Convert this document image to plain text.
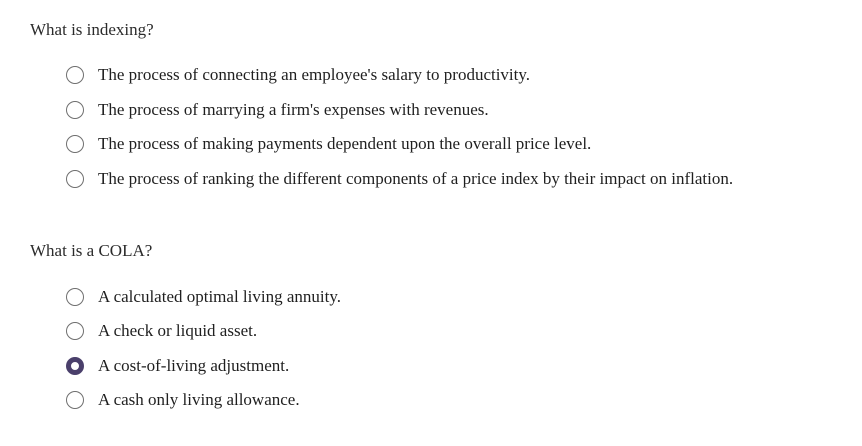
What is indexing?
The process of connecting an employee's salary to productivity.
The process of marrying a firm's expenses with revenues.
The process of making payments dependent upon the overall price level.
The process of ranking the different components of a price index by their impact on inflation.
What is a COLA?
A calculated optimal living annuity.
A check or liquid asset.
A cost-of-living adjustment.
A cash only living allowance.
